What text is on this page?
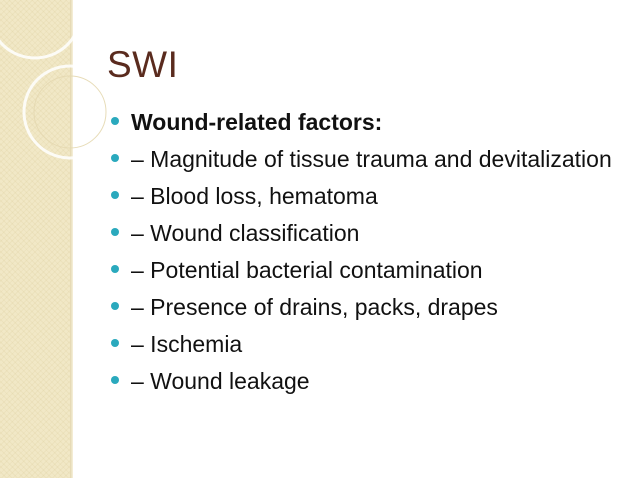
SWI
Wound-related factors:
– Magnitude of tissue trauma and devitalization
– Blood loss, hematoma
– Wound classification
– Potential bacterial contamination
– Presence of drains, packs, drapes
– Ischemia
– Wound leakage
